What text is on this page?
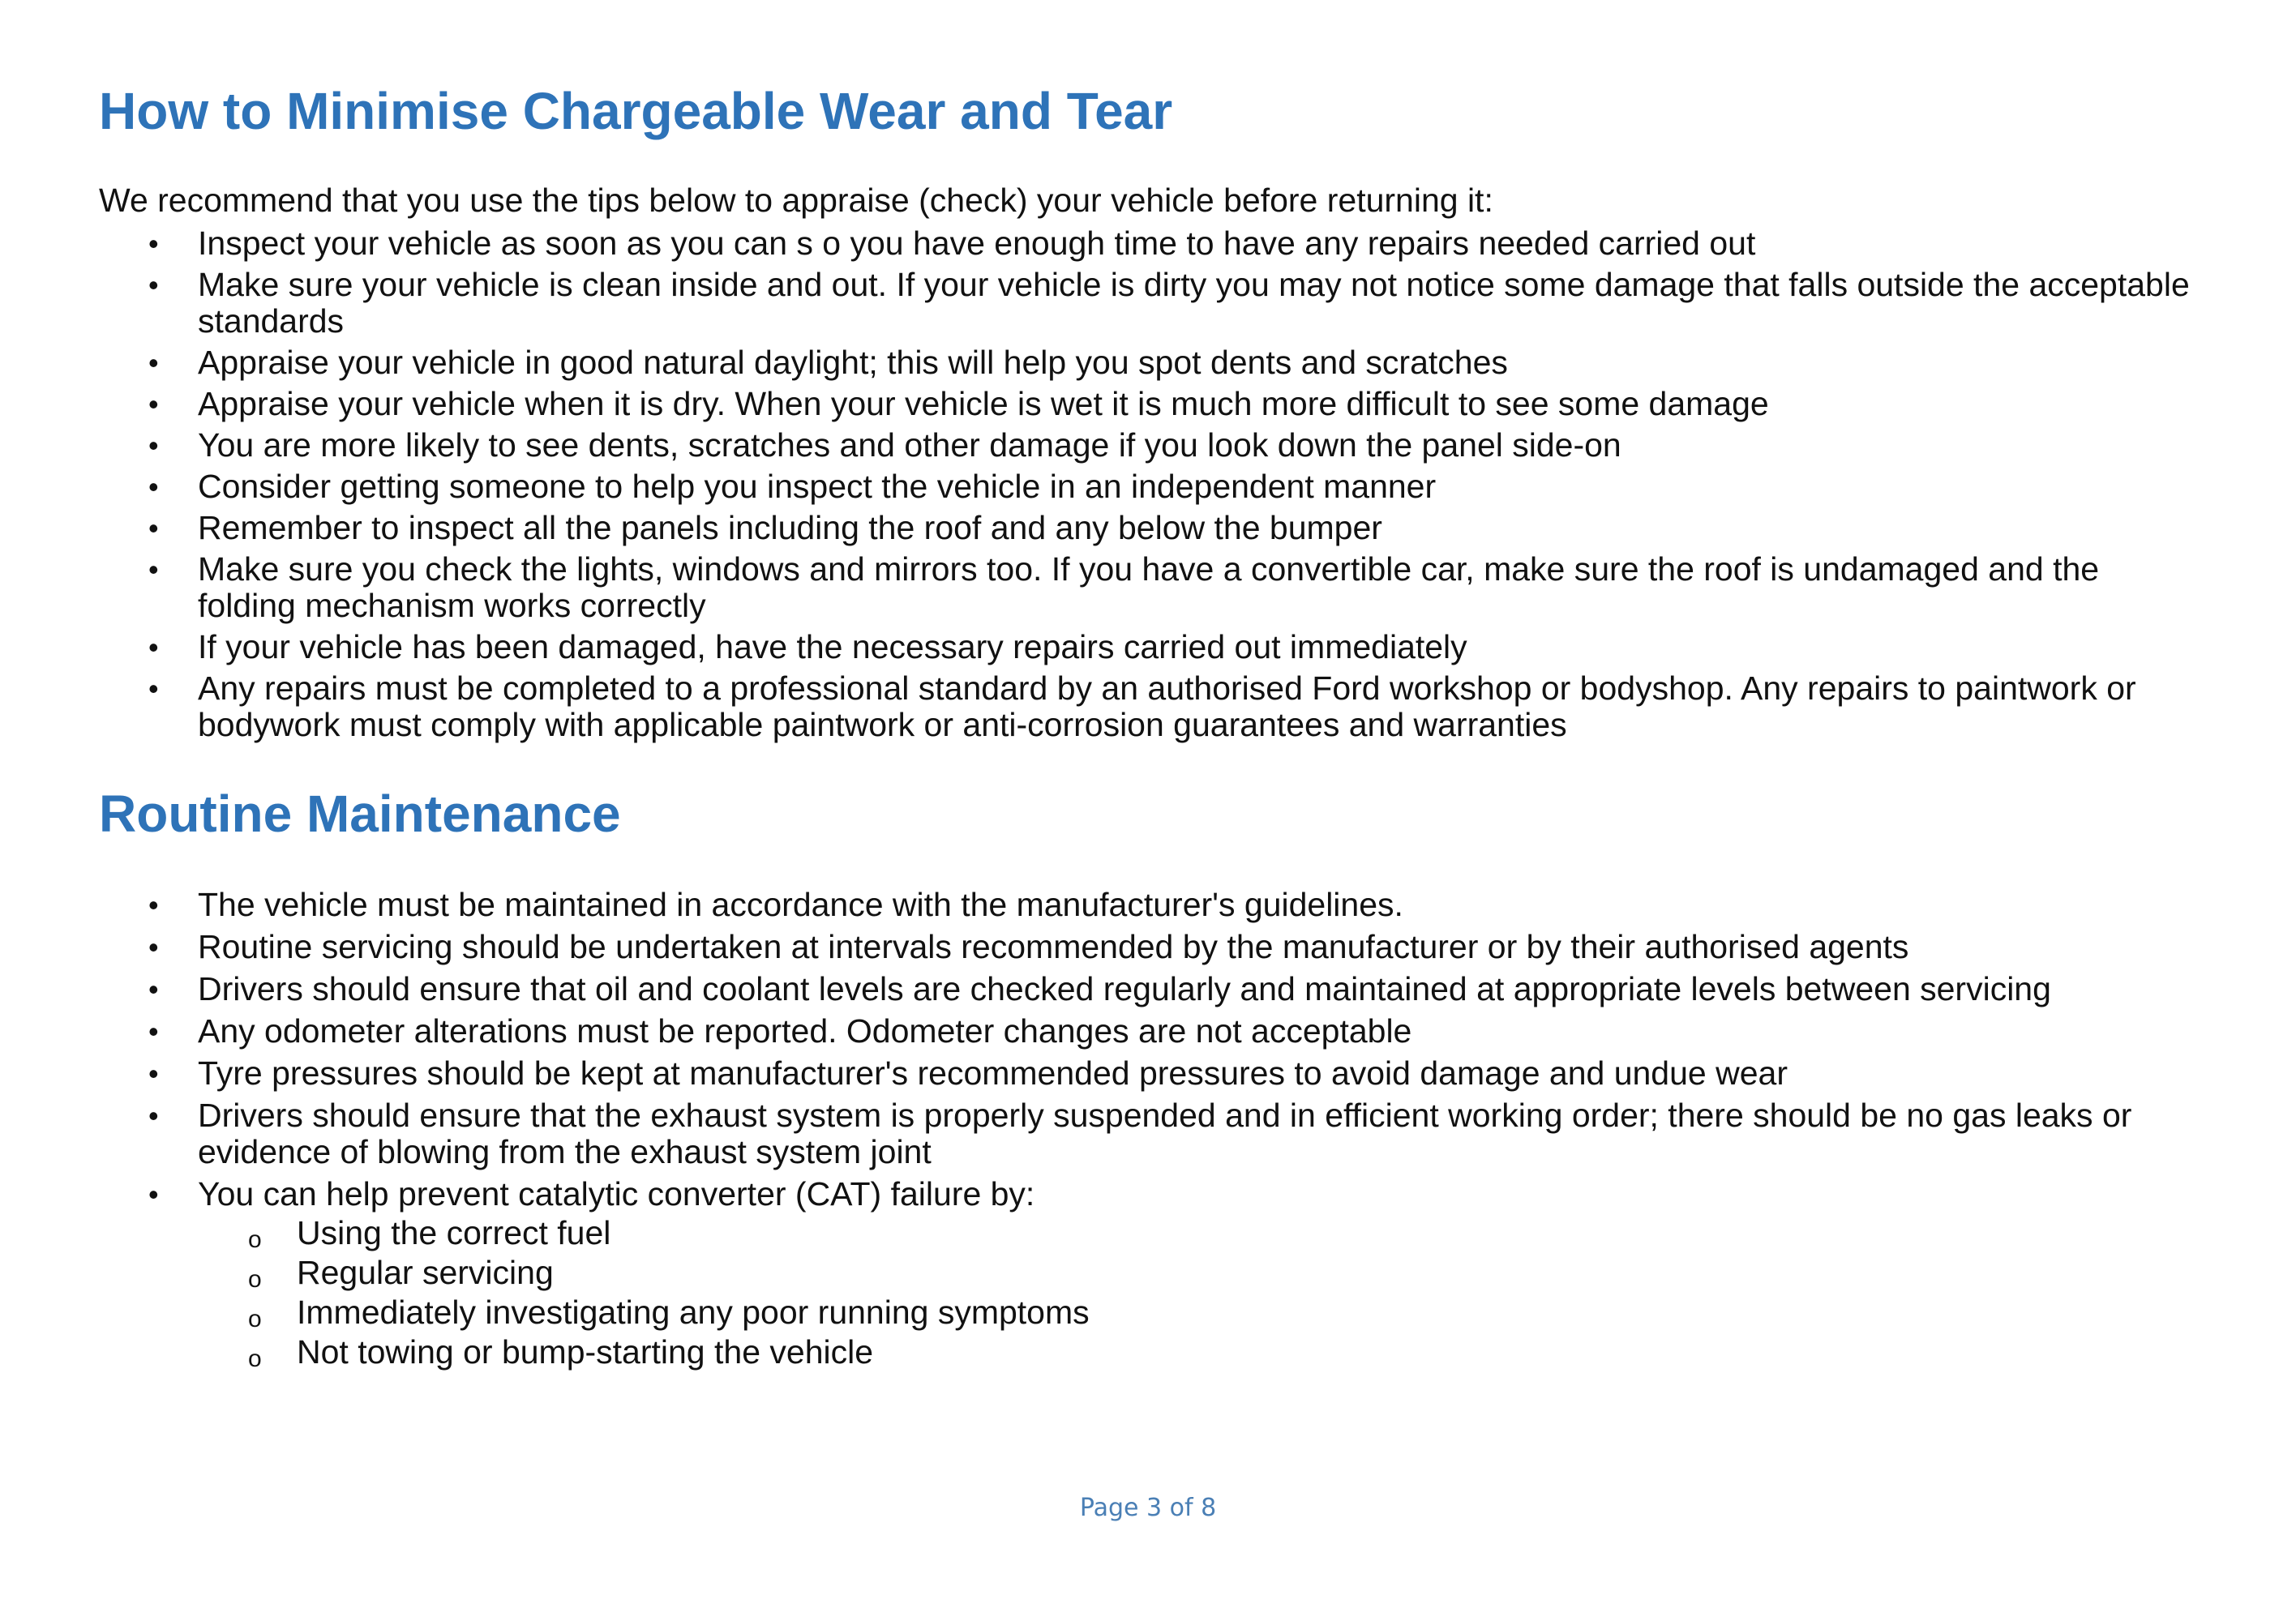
How to Minimise Chargeable Wear and Tear

We recommend that you use the tips below to appraise (check) your vehicle before returning it:

• Inspect your vehicle as soon as you can s o you have enough time to have any repairs needed carried out
• Make sure your vehicle is clean inside and out. If your vehicle is dirty you may not notice some damage that falls outside the acceptable standards
• Appraise your vehicle in good natural daylight; this will help you spot dents and scratches
• Appraise your vehicle when it is dry. When your vehicle is wet it is much more difficult to see some damage
• You are more likely to see dents, scratches and other damage if you look down the panel side-on
• Consider getting someone to help you inspect the vehicle in an independent manner
• Remember to inspect all the panels including the roof and any below the bumper
• Make sure you check the lights, windows and mirrors too. If you have a convertible car, make sure the roof is undamaged and the folding mechanism works correctly
• If your vehicle has been damaged, have the necessary repairs carried out immediately
• Any repairs must be completed to a professional standard by an authorised Ford workshop or bodyshop. Any repairs to paintwork or bodywork must comply with applicable paintwork or anti-corrosion guarantees and warranties
Routine Maintenance
• The vehicle must be maintained in accordance with the manufacturer's guidelines.
• Routine servicing should be undertaken at intervals recommended by the manufacturer or by their authorised agents
• Drivers should ensure that oil and coolant levels are checked regularly and maintained at appropriate levels between servicing
• Any odometer alterations must be reported. Odometer changes are not acceptable
• Tyre pressures should be kept at manufacturer's recommended pressures to avoid damage and undue wear
• Drivers should ensure that the exhaust system is properly suspended and in efficient working order; there should be no gas leaks or evidence of blowing from the exhaust system joint
• You can help prevent catalytic converter (CAT) failure by:
o Using the correct fuel
o Regular servicing
o Immediately investigating any poor running symptoms
o Not towing or bump-starting the vehicle
Page 3 of 8
